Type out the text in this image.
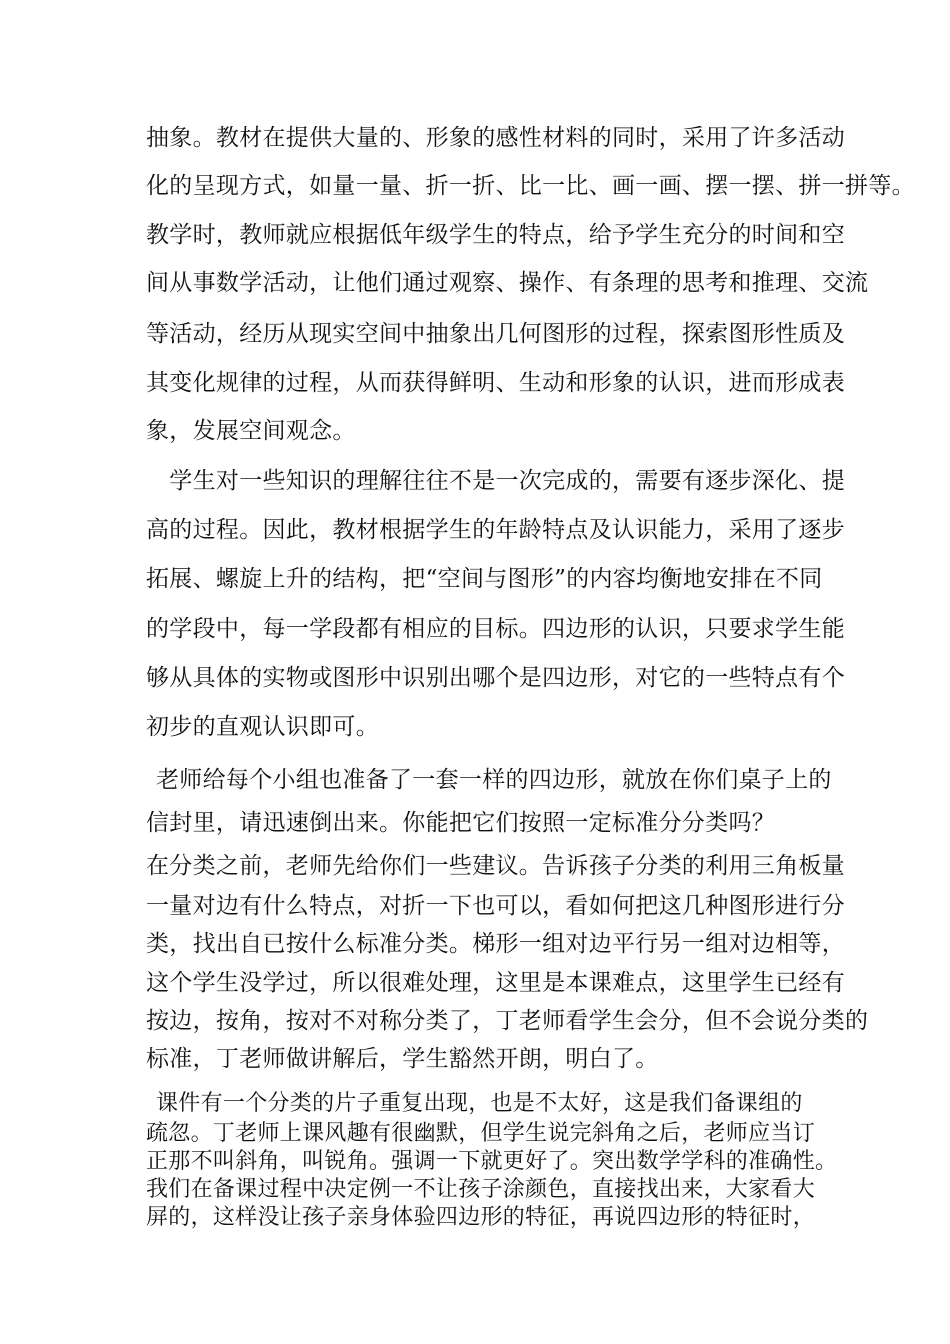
抽象。教材在提供大量的、形象的感性材料的同时，采用了许多活动
化的呈现方式，如量一量、折一折、比一比、画一画、摆一摆、拼一拼等。
教学时，教师就应根据低年级学生的特点，给予学生充分的时间和空
间从事数学活动，让他们通过观察、操作、有条理的思考和推理、交流
等活动，经历从现实空间中抽象出几何图形的过程，探索图形性质及
其变化规律的过程，从而获得鲜明、生动和形象的认识，进而形成表
象，发展空间观念。
　学生对一些知识的理解往往不是一次完成的，需要有逐步深化、提
高的过程。因此，教材根据学生的年龄特点及认识能力，采用了逐步
拓展、螺旋上升的结构，把“空间与图形”的内容均衡地安排在不同
的学段中，每一学段都有相应的目标。四边形的认识，只要求学生能
够从具体的实物或图形中识别出哪个是四边形，对它的一些特点有个
初步的直观认识即可。
老师给每个小组也准备了一套一样的四边形，就放在你们桌子上的
信封里，请迅速倒出来。你能把它们按照一定标准分分类吗？
在分类之前，老师先给你们一些建议。告诉孩子分类的利用三角板量
一量对边有什么特点，对折一下也可以，看如何把这几种图形进行分
类，找出自已按什么标准分类。梯形一组对边平行另一组对边相等，
这个学生没学过，所以很难处理，这里是本课难点，这里学生已经有
按边，按角，按对不对称分类了，丁老师看学生会分，但不会说分类的
标准，丁老师做讲解后，学生豁然开朗，明白了。
课件有一个分类的片子重复出现，也是不太好，这是我们备课组的
疏忽。丁老师上课风趣有很幽默，但学生说完斜角之后，老师应当订
正那不叫斜角，叫锐角。强调一下就更好了。突出数学学科的准确性。
我们在备课过程中决定例一不让孩子涂颜色，直接找出来，大家看大
屏的，这样没让孩子亲身体验四边形的特征，再说四边形的特征时，
